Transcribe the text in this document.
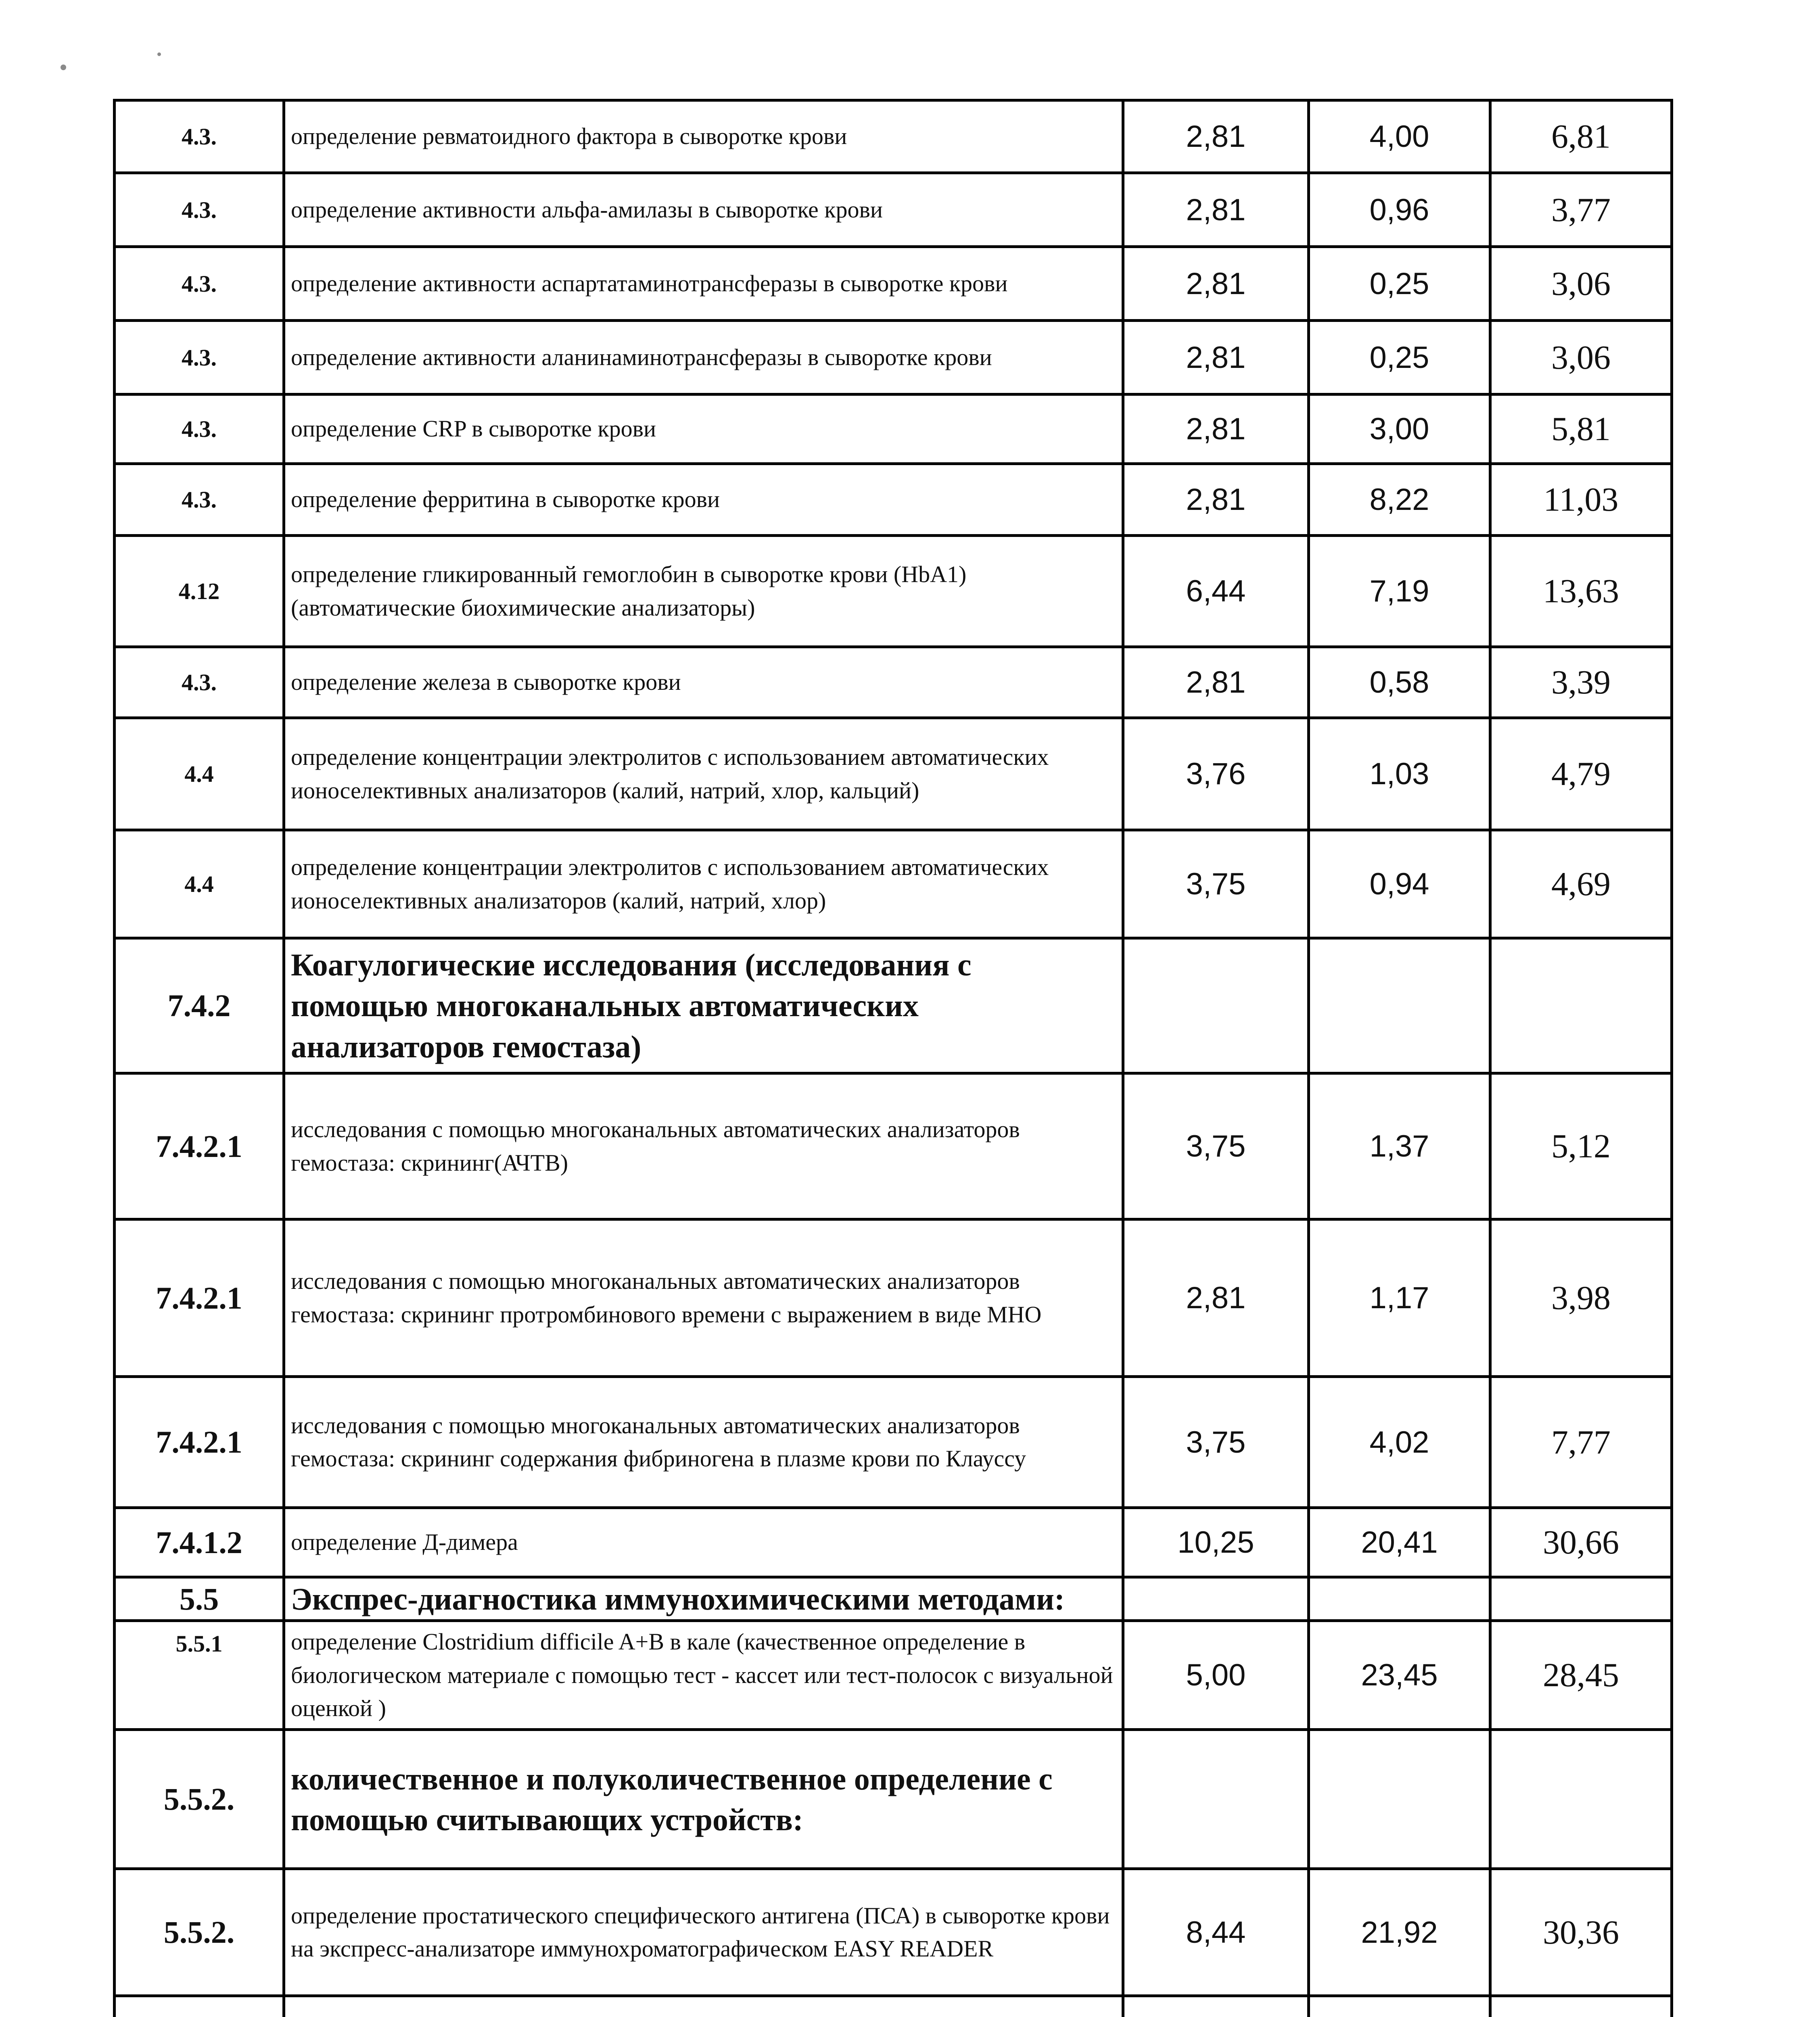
4.3.	определение ревматоидного фактора в сыворотке крови	2,81	4,00	6,81
4.3.	определение активности альфа-амилазы в сыворотке крови	2,81	0,96	3,77
4.3.	определение активности аспартатаминотрансферазы в сыворотке крови	2,81	0,25	3,06
4.3.	определение активности аланинаминотрансферазы в сыворотке крови	2,81	0,25	3,06
4.3.	определение CRP в сыворотке крови	2,81	3,00	5,81
4.3.	определение ферритина в сыворотке крови	2,81	8,22	11,03
4.12	определение гликированный гемоглобин в сыворотке крови (HbA1)(автоматические биохимические анализаторы)	6,44	7,19	13,63
4.3.	определение железа в сыворотке крови	2,81	0,58	3,39
4.4	определение концентрации электролитов с использованием автоматических ионоселективных анализаторов (калий, натрий, хлор, кальций)	3,76	1,03	4,79
4.4	определение концентрации электролитов с использованием автоматических ионоселективных анализаторов (калий, натрий, хлор)	3,75	0,94	4,69
7.4.2	Коагулогические исследования (исследования с помощью многоканальных автоматических анализаторов гемостаза)			
7.4.2.1	исследования с помощью многоканальных автоматических анализаторов гемостаза: скрининг(АЧТВ)	3,75	1,37	5,12
7.4.2.1	исследования с помощью многоканальных автоматических анализаторов гемостаза: скрининг протромбинового времени с выражением в виде МНО	2,81	1,17	3,98
7.4.2.1	исследования с помощью многоканальных автоматических анализаторов гемостаза: скрининг содержания фибриногена в плазме крови по Клауссу	3,75	4,02	7,77
7.4.1.2	определение Д-димера	10,25	20,41	30,66
5.5	Экспрес-диагностика иммунохимическими методами:			
5.5.1	определение Clostridium difficile A+B в кале (качественное определение в биологическом материале с помощью тест - кассет или тест-полосок с визуальной оценкой )	5,00	23,45	28,45
5.5.2.	количественное и полуколичественное определение с помощью считывающих устройств:			
5.5.2.	определение простатического специфического антигена (ПСА) в сыворотке крови на экспресс-анализаторе иммунохроматографическом EASY READER	8,44	21,92	30,36
